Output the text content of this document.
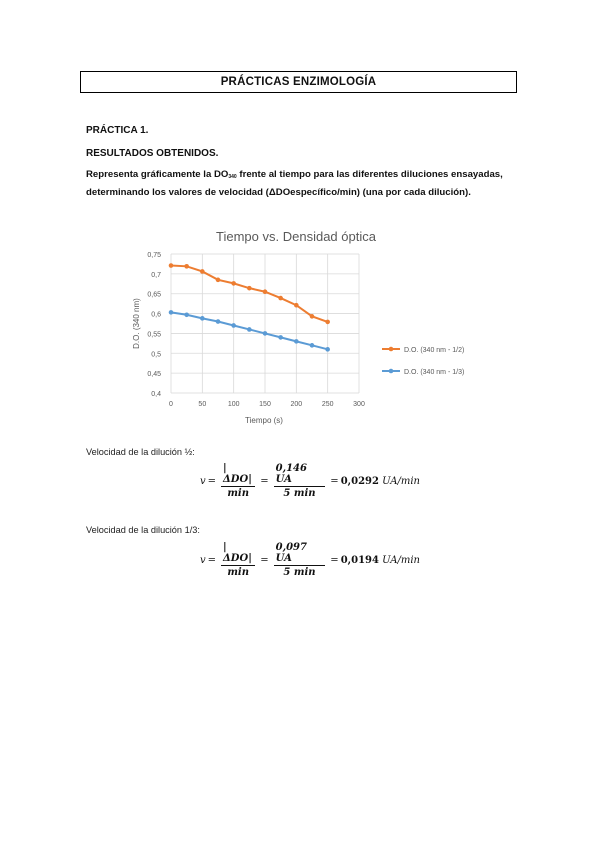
PRÁCTICAS ENZIMOLOGÍA
PRÁCTICA 1.
RESULTADOS OBTENIDOS.
Representa gráficamente la $DO_{340}$ frente al tiempo para las diferentes diluciones ensayadas, determinando los valores de velocidad (ΔDOespecífico/min) (una por cada dilución).
Tiempo vs. Densidad óptica
0,4
0,45
0,5
0,55
0,6
0,65
0,7
0,75
0	50	100	150	200	250	300
Tiempo (s)
D.O. (340 nm)
D.O. (340 nm - 1/2)
D.O. (340 nm - 1/3)
Velocidad de la dilución ½:
$v = \frac{\text{|ΔDO|}}{\min} = \frac{0,146 UA}{5 \min} = 0,0292$
UA/min
Velocidad de la dilución 1/3:
$v = \frac{\text{|ΔDO|}}{\min} = \frac{0,097 UA}{5 \min} = 0,0194$
UA/min
